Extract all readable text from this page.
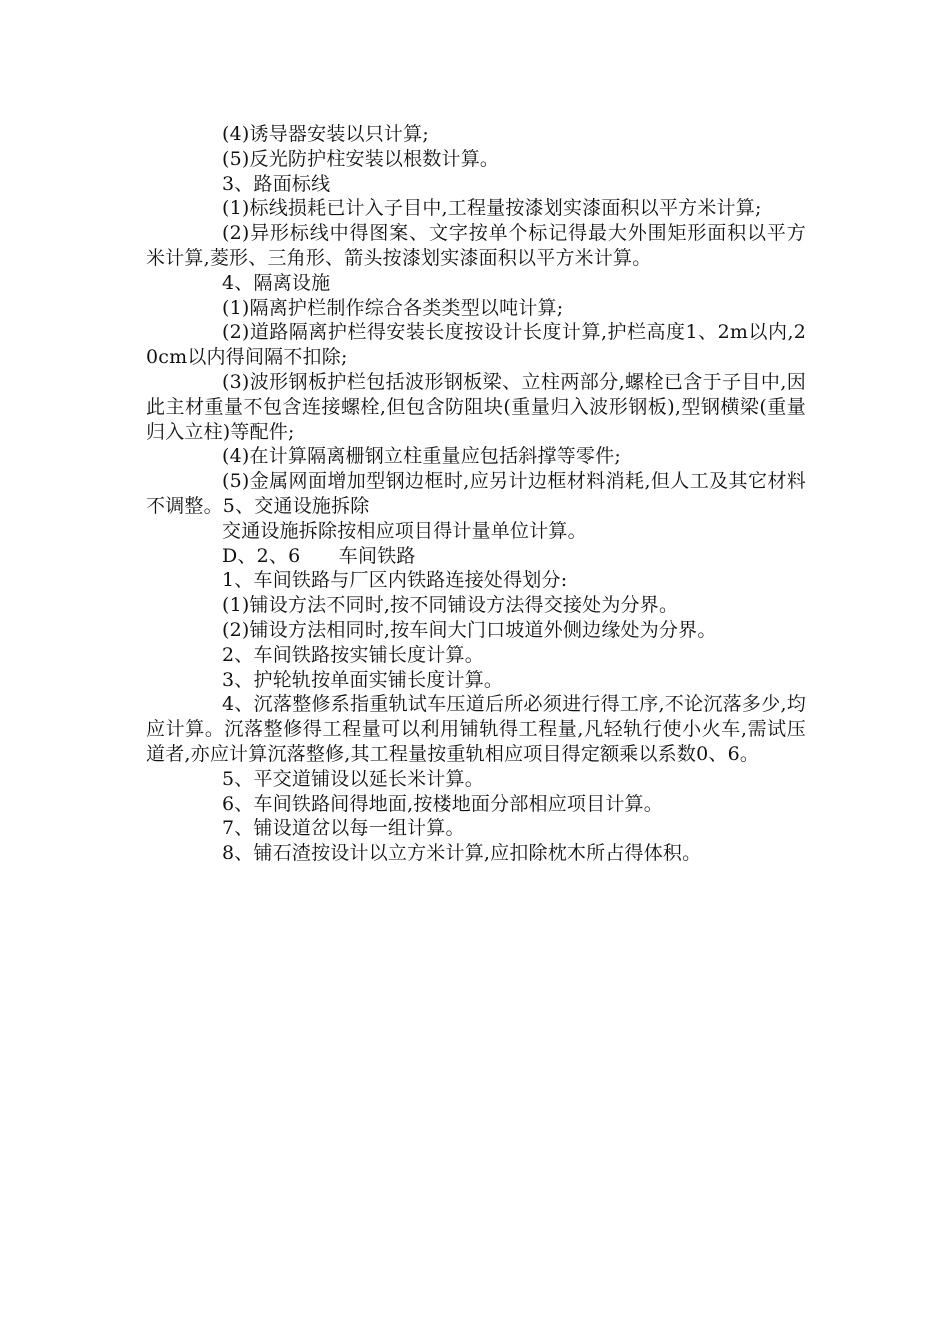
(4)诱导器安装以只计算;

(5)反光防护柱安装以根数计算。

3、路面标线

(1)标线损耗已计入子目中,工程量按漆划实漆面积以平方米计算;

(2)异形标线中得图案、文字按单个标记得最大外围矩形面积以平方米计算,菱形、三角形、箭头按漆划实漆面积以平方米计算。

4、隔离设施

(1)隔离护栏制作综合各类类型以吨计算;

(2)道路隔离护栏得安装长度按设计长度计算,护栏高度1、2m以内,20cm以内得间隔不扣除;

(3)波形钢板护栏包括波形钢板梁、立柱两部分,螺栓已含于子目中,因此主材重量不包含连接螺栓,但包含防阻块(重量归入波形钢板),型钢横梁(重量归入立柱)等配件;

(4)在计算隔离栅钢立柱重量应包括斜撑等零件;

(5)金属网面增加型钢边框时,应另计边框材料消耗,但人工及其它材料不调整。5、交通设施拆除

交通设施拆除按相应项目得计量单位计算。

D、2、6　　车间铁路

1、车间铁路与厂区内铁路连接处得划分:

(1)铺设方法不同时,按不同铺设方法得交接处为分界。

(2)铺设方法相同时,按车间大门口坡道外侧边缘处为分界。

2、车间铁路按实铺长度计算。

3、护轮轨按单面实铺长度计算。

4、沉落整修系指重轨试车压道后所必须进行得工序,不论沉落多少,均应计算。沉落整修得工程量可以利用铺轨得工程量,凡轻轨行使小火车,需试压道者,亦应计算沉落整修,其工程量按重轨相应项目得定额乘以系数0、6。

5、平交道铺设以延长米计算。

6、车间铁路间得地面,按楼地面分部相应项目计算。

7、铺设道岔以每一组计算。

8、铺石渣按设计以立方米计算,应扣除枕木所占得体积。
